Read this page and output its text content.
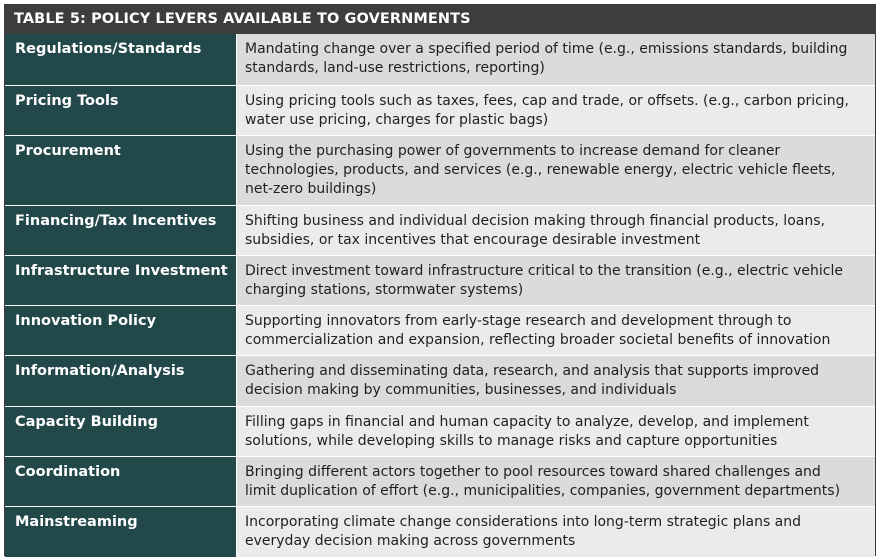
TABLE 5: POLICY LEVERS AVAILABLE TO GOVERNMENTS
Regulations/Standards	Mandating change over a specified period of time (e.g., emissions standards, building
standards, land-use restrictions, reporting)
Pricing Tools	Using pricing tools such as taxes, fees, cap and trade, or offsets. (e.g., carbon pricing,
water use pricing, charges for plastic bags)
Procurement	Using the purchasing power of governments to increase demand for cleaner
technologies, products, and services (e.g., renewable energy, electric vehicle fleets,
net-zero buildings)
Financing/Tax Incentives	Shifting business and individual decision making through financial products, loans,
subsidies, or tax incentives that encourage desirable investment
Infrastructure Investment	Direct investment toward infrastructure critical to the transition (e.g., electric vehicle
charging stations, stormwater systems)
Innovation Policy	Supporting innovators from early-stage research and development through to
commercialization and expansion, reflecting broader societal benefits of innovation
Information/Analysis	Gathering and disseminating data, research, and analysis that supports improved
decision making by communities, businesses, and individuals
Capacity Building	Filling gaps in financial and human capacity to analyze, develop, and implement
solutions, while developing skills to manage risks and capture opportunities
Coordination	Bringing different actors together to pool resources toward shared challenges and
limit duplication of effort (e.g., municipalities, companies, government departments)
Mainstreaming	Incorporating climate change considerations into long-term strategic plans and
everyday decision making across governments
